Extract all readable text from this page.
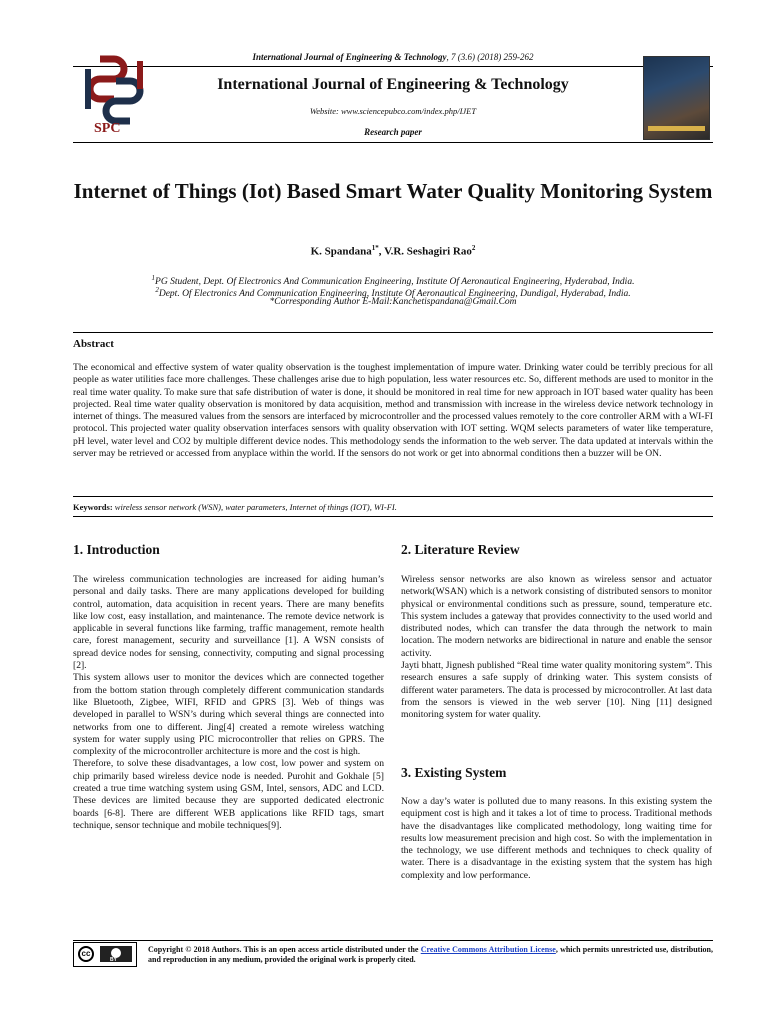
International Journal of Engineering & Technology, 7 (3.6) (2018) 259-262
SPC
International Journal of Engineering & Technology
Website: www.sciencepubco.com/index.php/IJET
Research paper
Internet of Things (Iot) Based Smart Water Quality Monitoring System
K. Spandana$^{1*}$, V.R. Seshagiri Rao$^2$
$^1$PG Student, Dept. Of Electronics And Communication Engineering, Institute Of Aeronautical Engineering, Hyderabad, India.
$^2$Dept. Of Electronics And Communication Engineering, Institute Of Aeronautical Engineering, Dundigal, Hyderabad, India.
*Corresponding Author E-Mail:Kanchetispandana@Gmail.Com
Abstract
The economical and effective system of water quality observation is the toughest implementation of impure water. Drinking water could be terribly precious for all people as water utilities face more challenges. These challenges arise due to high population, less water resources etc. So, different methods are used to monitor in the real time water quality. To make sure that safe distribution of water is done, it should be monitored in real time for new approach in IOT based water quality has been projected. Real time water quality observation is monitored by data acquisition, method and transmission with increase in the wireless device network technology in internet of things. The measured values from the sensors are interfaced by microcontroller and the processed values remotely to the core controller ARM with a WI-FI protocol. This projected water quality observation interfaces sensors with quality observation with IOT setting. WQM selects parameters of water like temperature, pH level, water level and CO2 by multiple different device nodes. This methodology sends the information to the web server. The data updated at intervals within the server may be retrieved or accessed from anyplace within the world. If the sensors do not work or get into abnormal conditions then a buzzer will be ON.
Keywords: wireless sensor network (WSN), water parameters, Internet of things (IOT), WI-FI.
1. Introduction

The wireless communication technologies are increased for aiding human’s personal and daily tasks. There are many applications developed for building control, automation, data acquisition in recent years. There are many benefits like low cost, easy installation, and maintenance. The remote device network is applicable in several functions like farming, traffic management, remote health care, forest management, security and surveillance [1]. A WSN consists of spread device nodes for sensing, connectivity, computing and signal processing [2].

This system allows user to monitor the devices which are connected together from the bottom station through completely different communication standards like Bluetooth, Zigbee, WIFI, RFID and GPRS [3]. Web of things was developed in parallel to WSN’s during which several things are connected into networks from one to different. Jing[4] created a remote wireless watching system for water supply using PIC microcontroller that relies on GPRS. The complexity of the microcontroller architecture is more and the cost is high.

Therefore, to solve these disadvantages, a low cost, low power and system on chip primarily based wireless device node is needed. Purohit and Gokhale [5] created a true time watching system using GSM, Intel, sensors, ADC and LCD. These devices are limited because they are supported dedicated electronic boards [6-8]. There are different WEB applications like RFID tags, smart technique, sensor technique and mobile techniques[9].

2. Literature Review

Wireless sensor networks are also known as wireless sensor and actuator network(WSAN) which is a network consisting of distributed sensors to monitor physical or environmental conditions such as pressure, sound, temperature etc. This system includes a gateway that provides connectivity to the used world and distributed nodes, which can transfer the data through the network to main location. The modern networks are bidirectional in nature and enable the sensor activity.

Jayti bhatt, Jignesh published “Real time water quality monitoring system”. This research ensures a safe supply of drinking water. This system consists of different water parameters. The data is processed by microcontroller. At last data from the sensors is viewed in the web server [10]. Ning [11] designed monitoring system for water quality.

3. Existing System

Now a day’s water is polluted due to many reasons. In this existing system the equipment cost is high and it takes a lot of time to process. Traditional methods have the disadvantages like complicated methodology, long waiting time for results low measurement precision and high cost. So with the implementation in the technology, we use different methods and techniques to check quality of water. There is a disadvantage in the existing system that the system has high complexity and low performance.

cc
BY
Copyright © 2018 Authors. This is an open access article distributed under the Creative Commons Attribution License, which permits unrestricted use, distribution, and reproduction in any medium, provided the original work is properly cited.
